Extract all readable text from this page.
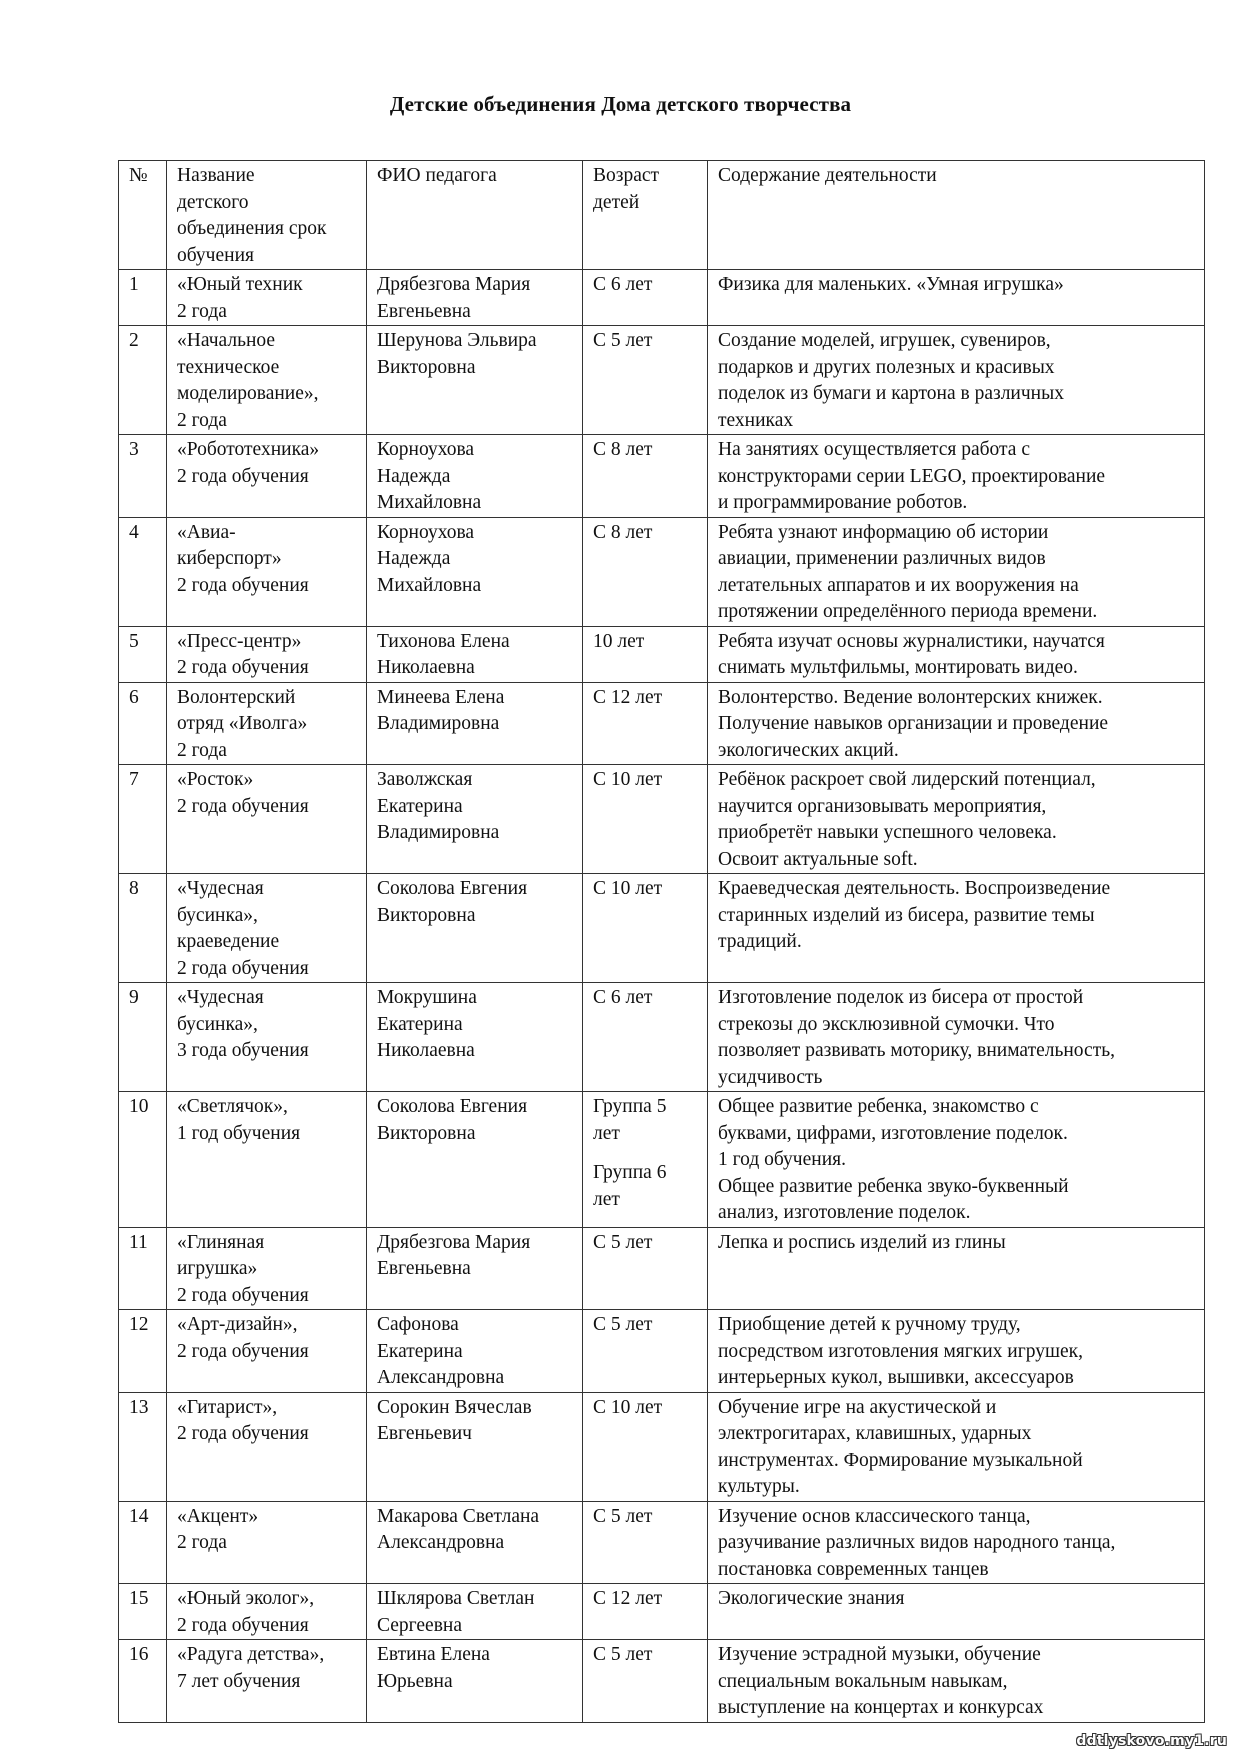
Детские объединения Дома детского творчества
№	Название
детского
объединения срок
обучения	ФИО педагога	Возраст
детей	Содержание деятельности
1	«Юный техник
2 года	Дрябезгова Мария
Евгеньевна	С 6 лет	Физика для маленьких. «Умная игрушка»

2	«Начальное
техническое
моделирование»,
2 года	Шерунова Эльвира
Викторовна	С 5 лет	Создание моделей, игрушек, сувениров,
подарков и других полезных и красивых
поделок из бумаги и картона в различных
техниках

3	«Робототехника»
2 года обучения	Корноухова
Надежда
Михайловна	С 8 лет	На занятиях осуществляется работа с
конструкторами серии LEGO, проектирование
и программирование роботов.

4	«Авиа-
киберспорт»
2 года обучения	Корноухова
Надежда
Михайловна	С 8 лет	Ребята узнают информацию об истории
авиации, применении различных видов
летательных аппаратов и их вооружения на
протяжении определённого периода времени.

5	«Пресс-центр»
2 года обучения	Тихонова Елена
Николаевна	10 лет	Ребята изучат основы журналистики, научатся
снимать мультфильмы, монтировать видео.

6	Волонтерский
отряд «Иволга»
2 года	Минеева Елена
Владимировна	С 12 лет	Волонтерство. Ведение волонтерских книжек.
Получение навыков организации и проведение
экологических акций.

7	«Росток»
2 года обучения	Заволжская
Екатерина
Владимировна	С 10 лет	Ребёнок раскроет свой лидерский потенциал,
научится организовывать мероприятия,
приобретёт навыки успешного человека.
Освоит актуальные soft.

8	«Чудесная
бусинка»,
краеведение
2 года обучения	Соколова Евгения
Викторовна	С 10 лет	Краеведческая деятельность. Воспроизведение
старинных изделий из бисера, развитие темы
традиций.

9	«Чудесная
бусинка»,
3 года обучения	Мокрушина
Екатерина
Николаевна	С 6 лет	Изготовление поделок из бисера от простой
стрекозы до эксклюзивной сумочки. Что
позволяет развивать моторику, внимательность,
усидчивость

10	«Светлячок»,
1 год обучения	Соколова Евгения
Викторовна	Группа 5
лет
Группа 6
лет	Общее развитие ребенка, знакомство с
буквами, цифрами, изготовление поделок.
1 год обучения.
Общее развитие ребенка звуко-буквенный
анализ, изготовление поделок.

11	«Глиняная
игрушка»
2 года обучения	Дрябезгова Мария
Евгеньевна	С 5 лет	Лепка и роспись изделий из глины

12	«Арт-дизайн»,
2 года обучения	Сафонова
Екатерина
Александровна	С 5 лет	Приобщение детей к ручному труду,
посредством изготовления мягких игрушек,
интерьерных кукол, вышивки, аксессуаров

13	«Гитарист»,
2 года обучения	Сорокин Вячеслав
Евгеньевич	С 10 лет	Обучение игре на акустической и
электрогитарах, клавишных, ударных
инструментах. Формирование музыкальной
культуры.

14	«Акцент»
2 года	Макарова Светлана
Александровна	С 5 лет	Изучение основ классического танца,
разучивание различных видов народного танца,
постановка современных танцев

15	«Юный эколог»,
2 года обучения	Шклярова Светлан
Сергеевна	С 12 лет	Экологические знания

16	«Радуга детства»,
7 лет обучения	Евтина Елена
Юрьевна	С 5 лет	Изучение эстрадной музыки, обучение
специальным вокальным навыкам,
выступление на концертах и конкурсах
ddtlyskovo.my1.ru
